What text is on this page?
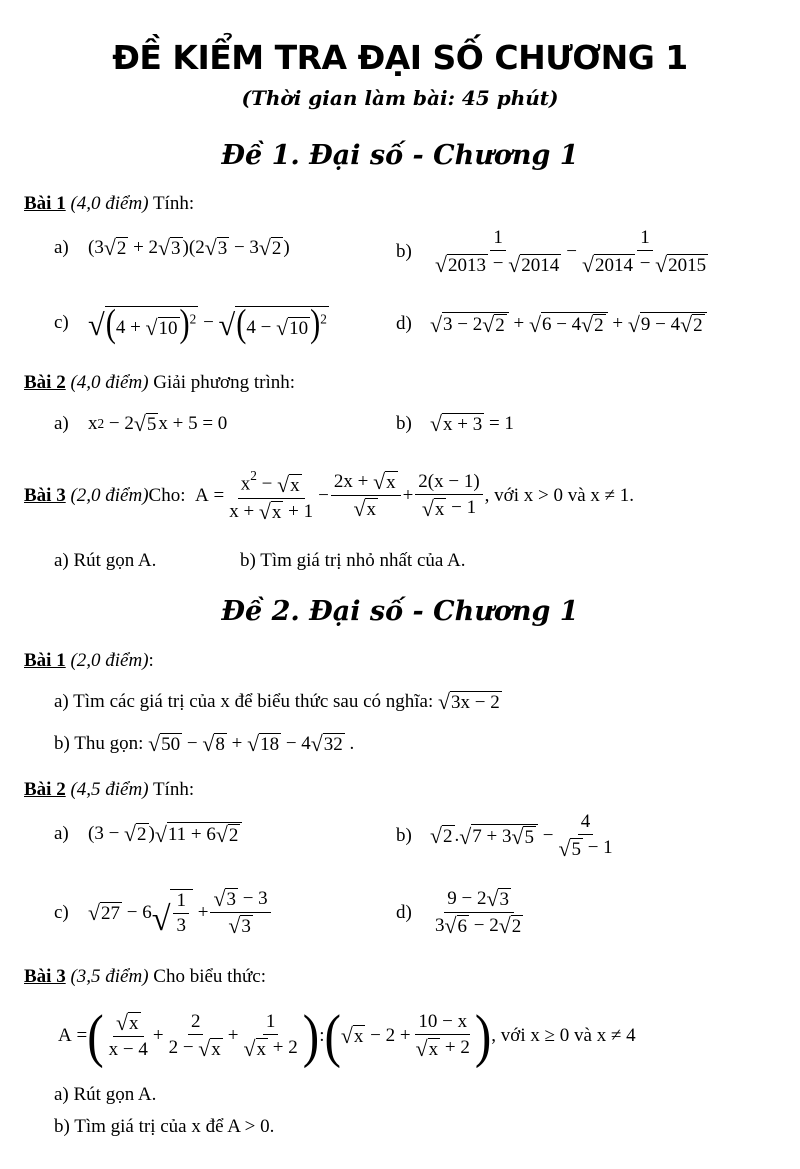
ĐỀ KIỂM TRA ĐẠI SỐ CHƯƠNG 1
(Thời gian làm bài: 45 phút)
Đề 1. Đại số - Chương 1
Bài 1 (4,0 điểm) Tính:
a)	(3 √ 2 + 2 √ 3 )(2 √ 3 − 3 √ 2 )	b)	$\frac{1}{√ 2013 - √ 2014} - \frac{1}{√ 2014 - √ 2015}$
c) √ (4 + √ 10 )$^2$ − √ (4 − √ 10 )$^2$	d) √ 3 − 2 √ 2 + √ 6 − 4 √ 2 + √ 9 − 4 √ 2
Bài 2 (4,0 điểm) Giải phương trình:
a)	x 2 − 2 √ 5 x + 5 = 0	b) √ x + 3 = 1
Bài 3
(2,0 điểm) Cho:
$A = \frac{x^2 - √ x}{x + √ x + 1} - \frac{2x + √ x}{√ x} + \frac{2(x - 1)}{√ x - 1}$ , với x > 0 và x ≠ 1.
a) Rút gọn A.	b) Tìm giá trị nhỏ nhất của A.
Đề 2. Đại số - Chương 1
Bài 1 (2,0 điểm):
a) Tìm các giá trị của x để biểu thức sau có nghĩa:
√ 3x − 2
b) Thu gọn:
√ 50 − √ 8 + √ 18 − 4 √ 32 .
Bài 2 (4,5 điểm) Tính:
a)	(3 − √ 2 ) √ 11 + 6 √ 2	b) √ 2 . √ 7 + 3 √ $5 - \frac{4}{√ 5 - 1}$
c) √ 27 − 6 √ $\frac{1}{3} + \frac{√ 3 - 3}{√ 3}$	d)	$\frac{9 - 2 √ 3}{3 √ 6 - 2 √ 2}$
Bài 3 (3,5 điểm) Cho biểu thức:
A = ( $\frac{√ x}{x - 4} + \frac{2}{2 - √ x} + \frac{1}{√ x + 2}$ ) : ( √ $x - 2 + \frac{10 - x}{√ x + 2}$ ) , với x ≥ 0 và x ≠ 4
a) Rút gọn A.
b) Tìm giá trị của x để A > 0.
